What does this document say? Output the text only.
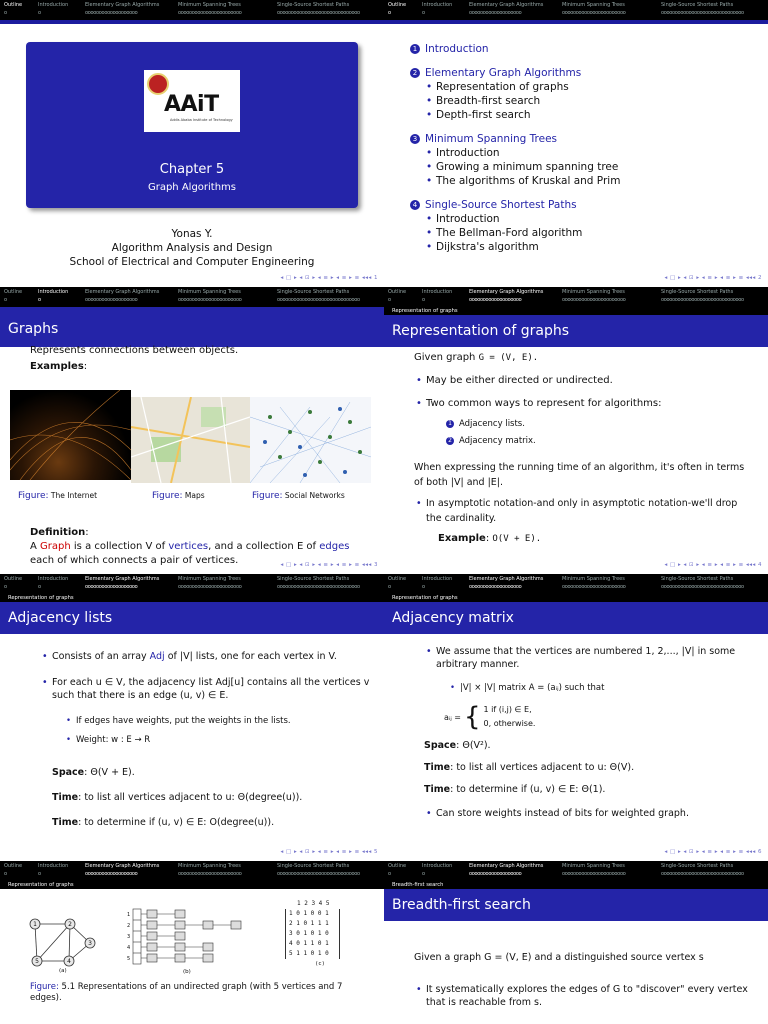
Outline	Introduction	Elementary Graph Algorithms	Minimum Spanning Trees	Single-Source Shortest Paths
o	o	ooooooooooooooooooo	ooooooooooooooooooooooo	oooooooooooooooooooooooooooooo
AAiT
Addis Ababa Institute of Technology
Chapter 5
Graph Algorithms
Yonas Y.
Algorithm Analysis and Design
School of Electrical and Computer Engineering
◂ □ ▸ ◂ ⊡ ▸ ◂ ≡ ▸ ◂ ≡ ▸ ≡ ◂◂◂ 1
Outline	Introduction	Elementary Graph Algorithms	Minimum Spanning Trees	Single-Source Shortest Paths
o	o	ooooooooooooooooooo	ooooooooooooooooooooooo	oooooooooooooooooooooooooooooo
1 Introduction
2 Elementary Graph Algorithms
• Representation of graphs
• Breadth-first search
• Depth-first search
3 Minimum Spanning Trees
• Introduction
• Growing a minimum spanning tree
• The algorithms of Kruskal and Prim
4 Single-Source Shortest Paths
• Introduction
• The Bellman-Ford algorithm
• Dijkstra's algorithm
◂ □ ▸ ◂ ⊡ ▸ ◂ ≡ ▸ ◂ ≡ ▸ ≡ ◂◂◂ 2
Outline	Introduction	Elementary Graph Algorithms	Minimum Spanning Trees	Single-Source Shortest Paths
o	o	ooooooooooooooooooo	ooooooooooooooooooooooo	oooooooooooooooooooooooooooooo
Graphs
Represents connections between objects.
Examples:
Figure: The Internet	Figure: Maps	Figure: Social Networks
Definition:
A Graph is a collection V of vertices, and a collection E of edges
each of which connects a pair of vertices.	◂ □ ▸ ◂ ⊡ ▸ ◂ ≡ ▸ ◂ ≡ ▸ ≡ ◂◂◂ 3
Outline	Introduction	Elementary Graph Algorithms	Minimum Spanning Trees	Single-Source Shortest Paths
o	o	ooooooooooooooooooo	ooooooooooooooooooooooo	oooooooooooooooooooooooooooooo
Representation of graphs
Representation of graphs
Given graph G = (V, E).
• May be either directed or undirected.
• Two common ways to represent for algorithms:
1 Adjacency lists.
2 Adjacency matrix.
When expressing the running time of an algorithm, it's often in terms of both |V| and |E|.
• In asymptotic notation-and only in asymptotic notation-we'll drop the cardinality.
Example: O(V + E).
◂ □ ▸ ◂ ⊡ ▸ ◂ ≡ ▸ ◂ ≡ ▸ ≡ ◂◂◂ 4
Outline	Introduction	Elementary Graph Algorithms	Minimum Spanning Trees	Single-Source Shortest Paths
o	o	ooooooooooooooooooo	ooooooooooooooooooooooo	oooooooooooooooooooooooooooooo
Representation of graphs
Adjacency lists
• Consists of an array Adj of |V| lists, one for each vertex in V.
• For each u ∈ V, the adjacency list Adj[u] contains all the vertices v such that there is an edge (u, v) ∈ E.
• If edges have weights, put the weights in the lists.
• Weight: w : E → R
Space: Θ(V + E).
Time: to list all vertices adjacent to u: Θ(degree(u)).
Time: to determine if (u, v) ∈ E: O(degree(u)).
◂ □ ▸ ◂ ⊡ ▸ ◂ ≡ ▸ ◂ ≡ ▸ ≡ ◂◂◂ 5
Outline	Introduction	Elementary Graph Algorithms	Minimum Spanning Trees	Single-Source Shortest Paths
o	o	ooooooooooooooooooo	ooooooooooooooooooooooo	oooooooooooooooooooooooooooooo
Representation of graphs
Adjacency matrix
• We assume that the vertices are numbered 1, 2,..., |V| in some arbitrary manner.
• |V| × |V| matrix A = (aᵢⱼ) such that
aᵢⱼ = { 1 if (i,j) ∈ E,
0, otherwise.
Space: Θ(V²).
Time: to list all vertices adjacent to u: Θ(V).
Time: to determine if (u, v) ∈ E: Θ(1).
• Can store weights instead of bits for weighted graph.
◂ □ ▸ ◂ ⊡ ▸ ◂ ≡ ▸ ◂ ≡ ▸ ≡ ◂◂◂ 6
Outline	Introduction	Elementary Graph Algorithms	Minimum Spanning Trees	Single-Source Shortest Paths
o	o	ooooooooooooooooooo	ooooooooooooooooooooooo	oooooooooooooooooooooooooooooo
Representation of graphs
1	2
3
4
5
(a)
1
2
3
4
5
(b)
1 2 3 4 5
1 0 1 0 0 1
2 1 0 1 1 1
3 0 1 0 1 0
4 0 1 1 0 1
5 1 1 0 1 0
(c)
Figure: 5.1 Representations of an undirected graph (with 5 vertices and 7 edges).
Outline	Introduction	Elementary Graph Algorithms	Minimum Spanning Trees	Single-Source Shortest Paths
o	o	ooooooooooooooooooo	ooooooooooooooooooooooo	oooooooooooooooooooooooooooooo
Breadth-first search
Breadth-first search
Given a graph G = (V, E) and a distinguished source vertex s
• It systematically explores the edges of G to "discover" every vertex that is reachable from s.
